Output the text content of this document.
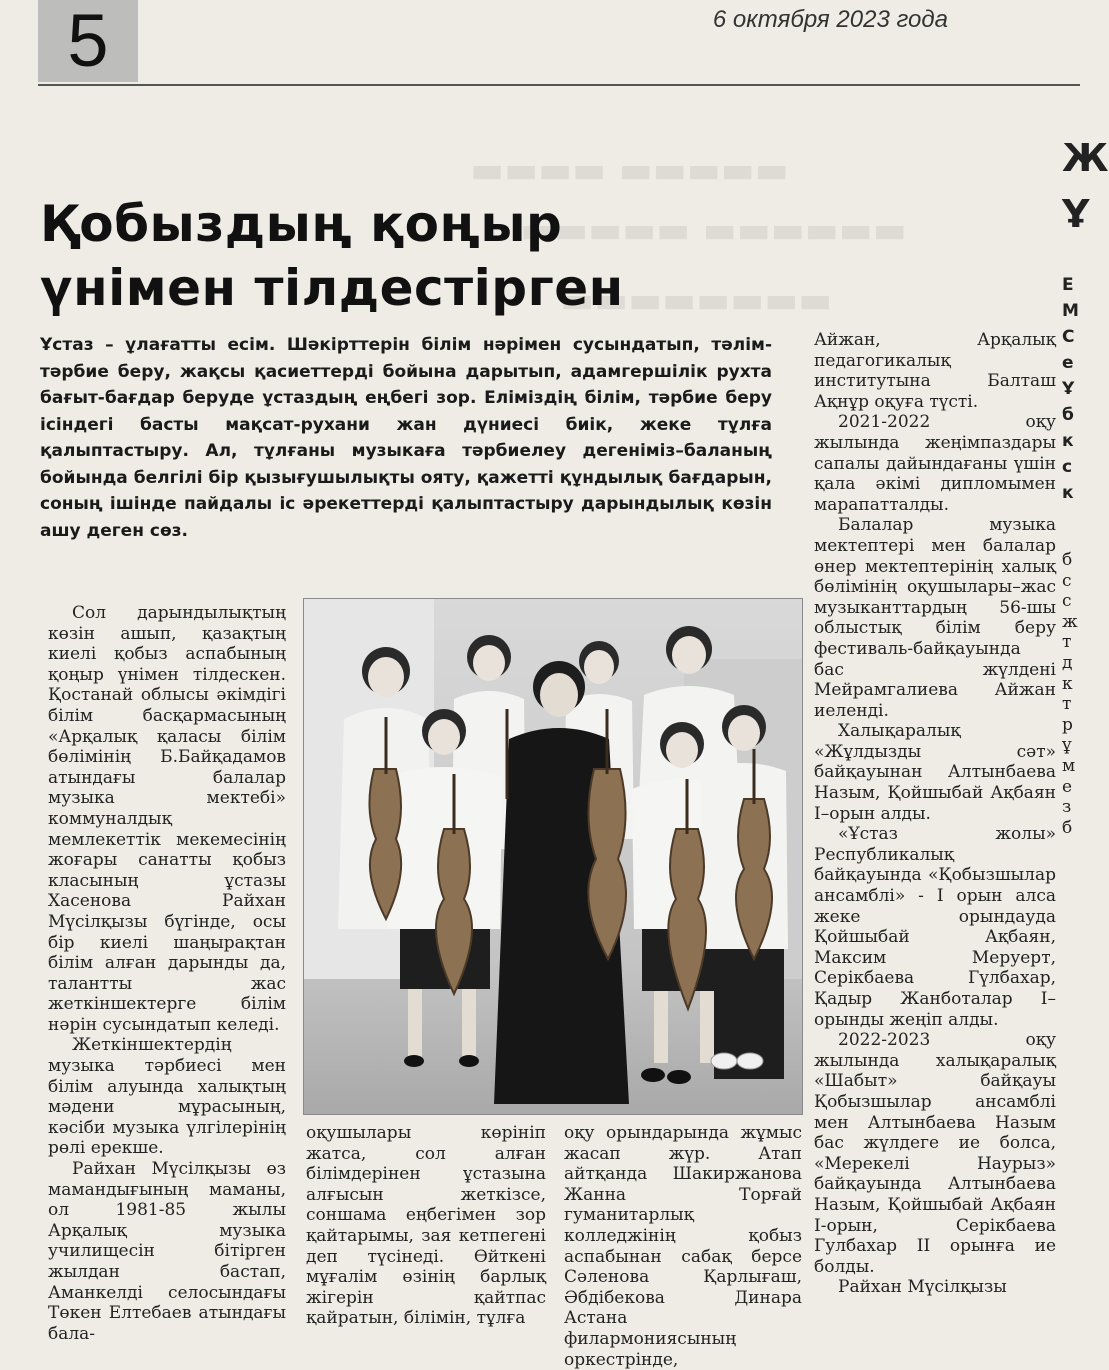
5	6 октября 2023 года
▬▬▬▬ ▬▬▬▬▬
▬▬▬▬▬ ▬▬▬▬▬▬
▬▬▬▬▬▬▬▬
Қобыздың қоңыр
үнімен тілдестірген
Ұстаз – ұлағатты есім. Шәкірттерін білім нәрімен сусындатып, тәлім-тәрбие беру, жақсы қасиеттерді бойына дарытып, адамгершілік рухта бағыт-бағдар беруде ұстаздың еңбегі зор. Еліміздің білім, тәрбие беру ісіндегі басты мақсат-рухани жан дүниесі биік, жеке тұлға қалыптастыру. Ал, тұлғаны музыкаға тәрбиелеу дегеніміз–баланың бойында белгілі бір қызығушылықты ояту, қажетті құндылық бағдарын, соның ішінде пайдалы іс әрекеттерді қалыптастыру дарындылық көзін ашу деген сөз.

Сол дарындылықтың көзін ашып, қазақтың киелі қобыз аспабының қоңыр үнімен тілдескен. Қостанай облысы әкімдігі білім басқармасының «Арқалық қаласы білім бөлімінің Б.Байқадамов атындағы балалар музыка мектебі» коммуналдық мемлекеттік мекемесінің жоғары санатты қобыз класының ұстазы Хасенова Райхан Мүсілқызы бүгінде, осы бір киелі шаңырақтан білім алған дарынды да, талантты жас жеткіншектерге білім нәрін сусындатып келеді.

Жеткіншектердің музыка тәрбиесі мен білім алуында халықтың мәдени мұрасының, кәсіби музыка үлгілерінің рөлі ерекше.

Райхан Мүсілқызы өз мамандығының маманы, ол 1981-85 жылы Арқалық музыка училищесін бітірген жылдан бастап, Аманкелді селосындағы Төкен Елтебаев атындағы бала-

оқушылары көрініп жатса, сол алған білімдерінен ұстазына алғысын жеткізсе, соншама еңбегімен зор қайтарымы, зая кетпегені деп түсінеді. Өйткені мұғалім өзінің барлық жігерін қайтпас қайратын, білімін, тұлға

оқу орындарында жұмыс жасап жүр. Атап айтқанда Шакиржанова Жанна Торғай гуманитарлық колледжінің қобыз аспабынан сабақ берсе Сәленова Қарлығаш, Әбдібекова Динара Астана филармониясының оркестрінде,

Айжан, Арқалық педагогикалық институтына Балташ Ақнұр оқуға түсті.

2021-2022 оқу жылында жеңімпаздары сапалы дайындағаны үшін қала әкімі дипломымен марапатталды.

Балалар музыка мектептері мен балалар өнер мектептерінің халық бөлімінің оқушылары–жас музыканттардың 56-шы облыстық білім беру фестиваль-байқауында бас жүлдені Мейрамгалиева Айжан иеленді.

Халықаралық «Жұлдызды сәт» байқауынан Алтынбаева Назым, Қойшыбай Ақбаян І–орын алды.

«Ұстаз жолы» Республикалық байқауында «Қобызшылар ансамблі» - І орын алса жеке орындауда Қойшыбай Ақбаян, Максим Меруерт, Серікбаева Гүлбахар, Қадыр Жанботалар І–орынды жеңіп алды.

2022-2023 оқу жылында халықаралық «Шабыт» байқауы Қобызшылар ансамблі мен Алтынбаева Назым бас жүлдеге ие болса, «Мерекелі Наурыз» байқауында Алтынбаева Назым, Қойшыбай Ақбаян І-орын, Серікбаева Гулбахар ІІ орынға ие болды.

Райхан Мүсілқызы

Ж
Ұ
Е
М
С
е
Ұ
б
к
с
к
б
с
с
ж
т
д
к
т
р
ұ
м
е
з
б
